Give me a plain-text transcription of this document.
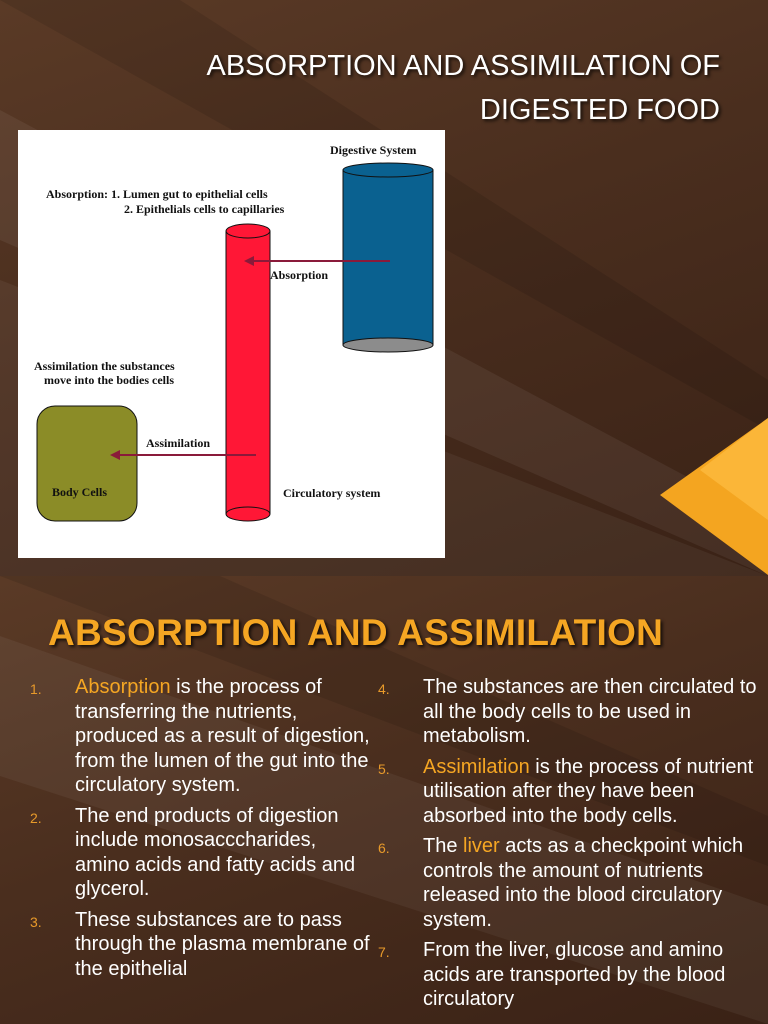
ABSORPTION AND ASSIMILATION OF
DIGESTED FOOD

Digestive System

Absorption: 1. Lumen gut to epithelial cells

2. Epithelials cells to capillaries

Absorption

Assimilation the substances

move into the bodies cells

Assimilation

Body Cells	Circulatory system

ABSORPTION AND ASSIMILATION
1. Absorption is the process of transferring the nutrients, produced as a result of digestion, from the lumen of the gut into the circulatory system.
2. The end products of digestion include monosacccharides, amino acids and fatty acids and glycerol.
3. These substances are to pass through the plasma membrane of the epithelial
4. The substances are then circulated to all the body cells to be used in metabolism.
5. Assimilation is the process of nutrient utilisation after they have been absorbed into the body cells.
6. The liver acts as a checkpoint which controls the amount of nutrients released into the blood circulatory system.
7. From the liver, glucose and amino acids are transported by the blood circulatory
